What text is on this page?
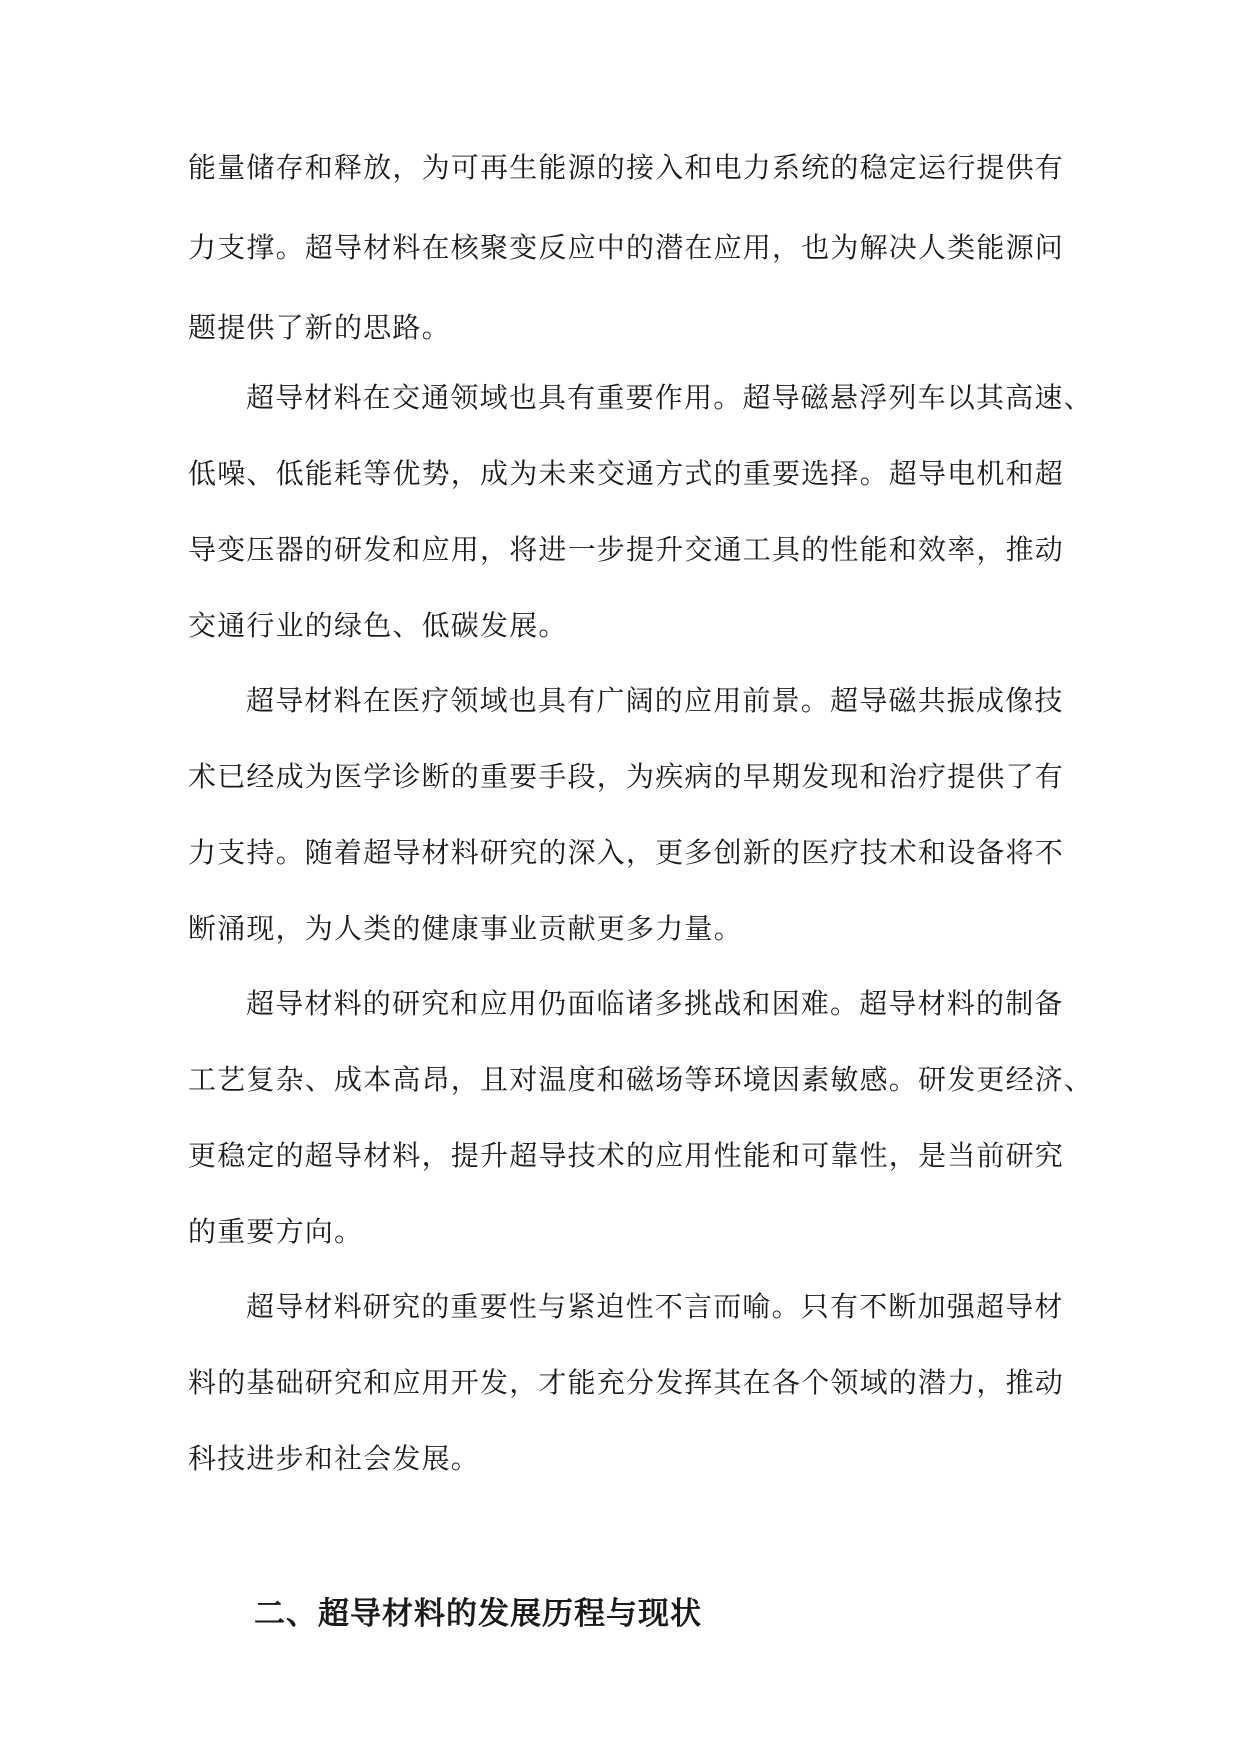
能量储存和释放，为可再生能源的接入和电力系统的稳定运行提供有
力支撑。超导材料在核聚变反应中的潜在应用，也为解决人类能源问
题提供了新的思路。
超导材料在交通领域也具有重要作用。超导磁悬浮列车以其高速、
低噪、低能耗等优势，成为未来交通方式的重要选择。超导电机和超
导变压器的研发和应用，将进一步提升交通工具的性能和效率，推动
交通行业的绿色、低碳发展。
超导材料在医疗领域也具有广阔的应用前景。超导磁共振成像技
术已经成为医学诊断的重要手段，为疾病的早期发现和治疗提供了有
力支持。随着超导材料研究的深入，更多创新的医疗技术和设备将不
断涌现，为人类的健康事业贡献更多力量。
超导材料的研究和应用仍面临诸多挑战和困难。超导材料的制备
工艺复杂、成本高昂，且对温度和磁场等环境因素敏感。研发更经济、
更稳定的超导材料，提升超导技术的应用性能和可靠性，是当前研究
的重要方向。
超导材料研究的重要性与紧迫性不言而喻。只有不断加强超导材
料的基础研究和应用开发，才能充分发挥其在各个领域的潜力，推动
科技进步和社会发展。
二、超导材料的发展历程与现状
